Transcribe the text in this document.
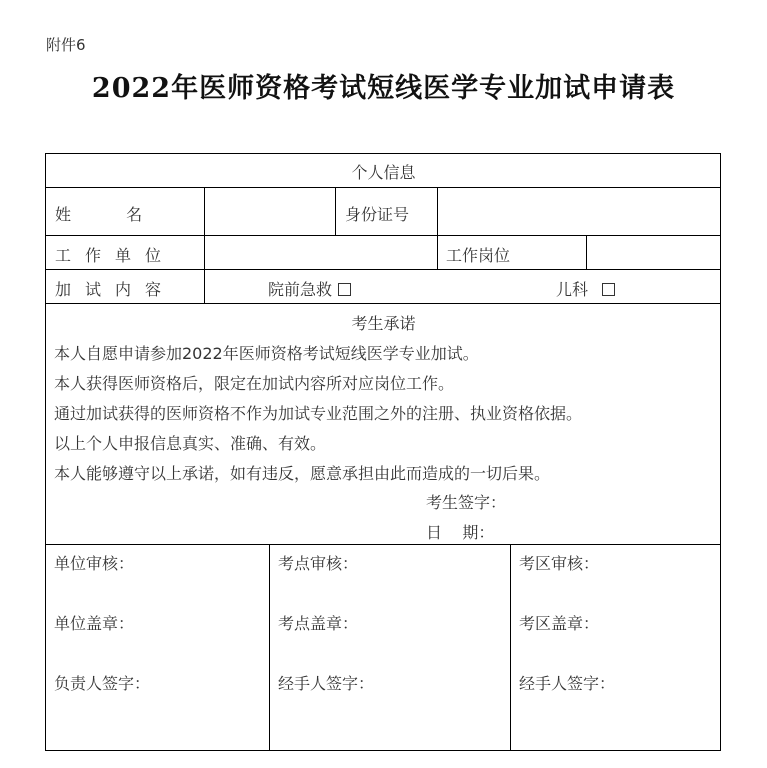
附件6
2022年医师资格考试短线医学专业加试申请表
个人信息
姓 名	身份证号
工作单位	工作岗位
加试内容	院前急救	儿科
考生承诺
本人自愿申请参加2022年医师资格考试短线医学专业加试。
本人获得医师资格后，限定在加试内容所对应岗位工作。
通过加试获得的医师资格不作为加试专业范围之外的注册、执业资格依据。
以上个人申报信息真实、准确、有效。
本人能够遵守以上承诺，如有违反，愿意承担由此而造成的一切后果。
考生签字：
日    期：
单位审核：
单位盖章：
负责人签字：
考点审核：
考点盖章：
经手人签字：
考区审核：
考区盖章：
经手人签字：
